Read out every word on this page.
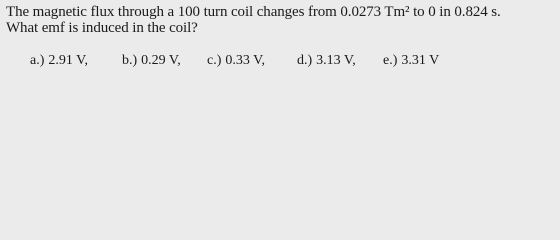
The magnetic flux through a 100 turn coil changes from 0.0273 Tm² to 0 in 0.824 s.
What emf is induced in the coil?
a.) 2.91 V, b.) 0.29 V, c.) 0.33 V, d.) 3.13 V, e.) 3.31 V
